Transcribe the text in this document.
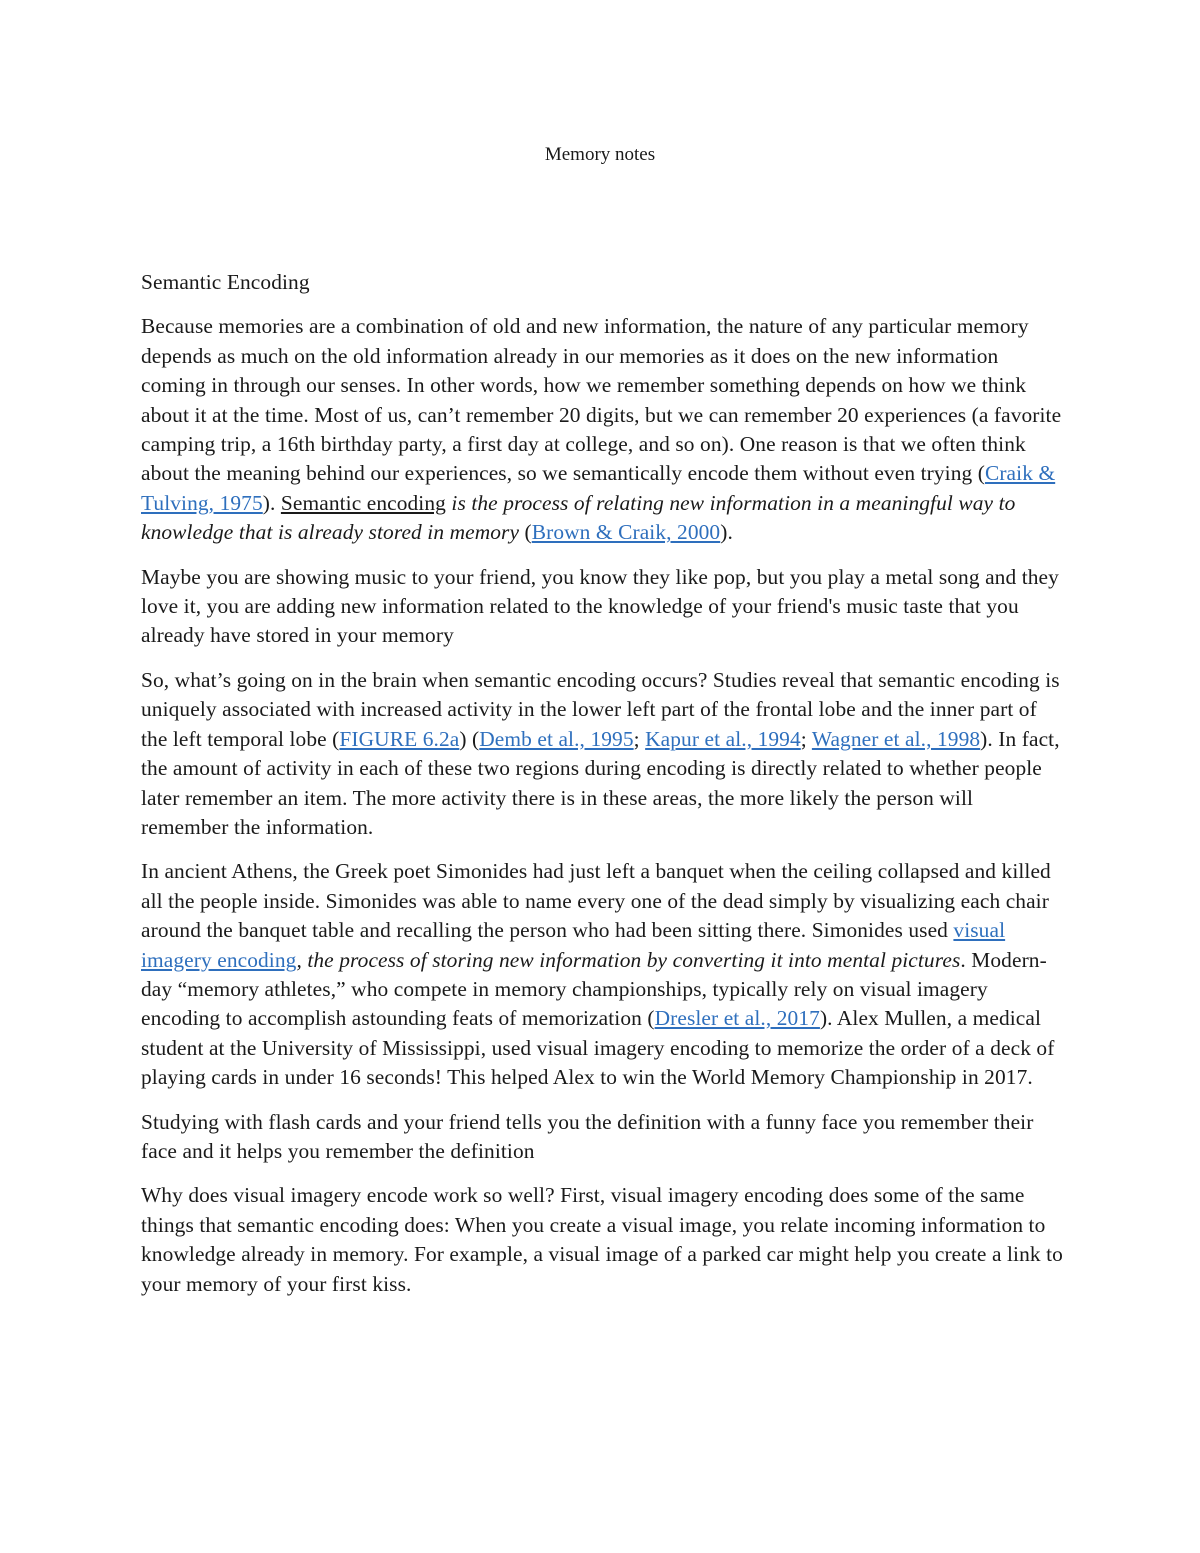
Memory notes

Semantic Encoding

Because memories are a combination of old and new information, the nature of any particular memory depends as much on the old information already in our memories as it does on the new information coming in through our senses. In other words, how we remember something depends on how we think about it at the time. Most of us, can’t remember 20 digits, but we can remember 20 experiences (a favorite camping trip, a 16th birthday party, a first day at college, and so on). One reason is that we often think about the meaning behind our experiences, so we semantically encode them without even trying (Craik & Tulving, 1975). Semantic encoding is the process of relating new information in a meaningful way to knowledge that is already stored in memory (Brown & Craik, 2000).

Maybe you are showing music to your friend, you know they like pop, but you play a metal song and they love it, you are adding new information related to the knowledge of your friend's music taste that you already have stored in your memory

So, what’s going on in the brain when semantic encoding occurs? Studies reveal that semantic encoding is uniquely associated with increased activity in the lower left part of the frontal lobe and the inner part of the left temporal lobe (FIGURE 6.2a) (Demb et al., 1995; Kapur et al., 1994; Wagner et al., 1998). In fact, the amount of activity in each of these two regions during encoding is directly related to whether people later remember an item. The more activity there is in these areas, the more likely the person will remember the information.

In ancient Athens, the Greek poet Simonides had just left a banquet when the ceiling collapsed and killed all the people inside. Simonides was able to name every one of the dead simply by visualizing each chair around the banquet table and recalling the person who had been sitting there. Simonides used visual imagery encoding, the process of storing new information by converting it into mental pictures. Modern-day “memory athletes,” who compete in memory championships, typically rely on visual imagery encoding to accomplish astounding feats of memorization (Dresler et al., 2017). Alex Mullen, a medical student at the University of Mississippi, used visual imagery encoding to memorize the order of a deck of playing cards in under 16 seconds! This helped Alex to win the World Memory Championship in 2017.

Studying with flash cards and your friend tells you the definition with a funny face you remember their face and it helps you remember the definition

Why does visual imagery encode work so well? First, visual imagery encoding does some of the same things that semantic encoding does: When you create a visual image, you relate incoming information to knowledge already in memory. For example, a visual image of a parked car might help you create a link to your memory of your first kiss.
